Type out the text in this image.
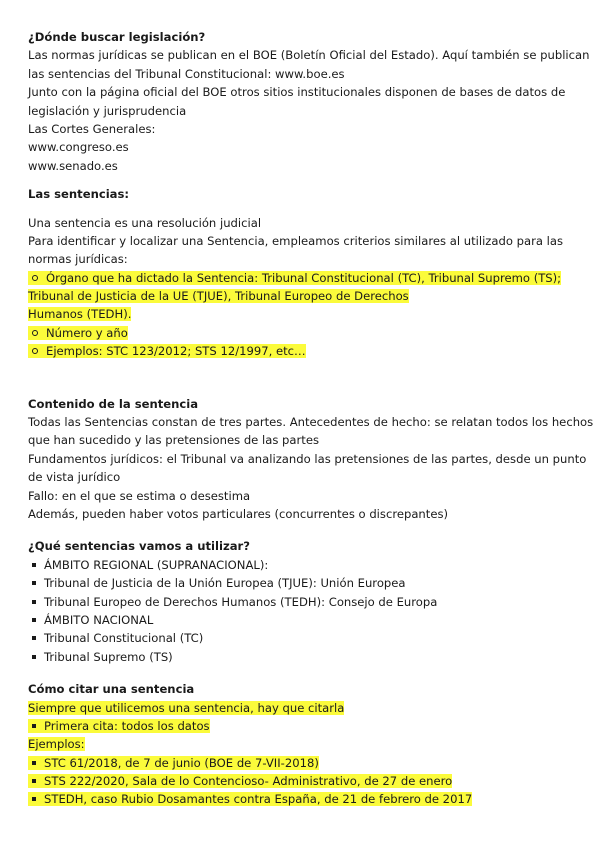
¿Dónde buscar legislación?
Las normas jurídicas se publican en el BOE (Boletín Oficial del Estado). Aquí también se publican
las sentencias del Tribunal Constitucional: www.boe.es
Junto con la página oficial del BOE otros sitios institucionales disponen de bases de datos de
legislación y jurisprudencia
Las Cortes Generales:
www.congreso.es
www.senado.es
Las sentencias:
Una sentencia es una resolución judicial
Para identificar y localizar una Sentencia, empleamos criterios similares al utilizado para las
normas jurídicas:
Órgano que ha dictado la Sentencia: Tribunal Constitucional (TC), Tribunal Supremo (TS);
Tribunal de Justicia de la UE (TJUE), Tribunal Europeo de Derechos
Humanos (TEDH).
Número y año
Ejemplos: STC 123/2012; STS 12/1997, etc…
Contenido de la sentencia
Todas las Sentencias constan de tres partes. Antecedentes de hecho: se relatan todos los hechos
que han sucedido y las pretensiones de las partes
Fundamentos jurídicos: el Tribunal va analizando las pretensiones de las partes, desde un punto
de vista jurídico
Fallo: en el que se estima o desestima
Además, pueden haber votos particulares (concurrentes o discrepantes)
¿Qué sentencias vamos a utilizar?
ÁMBITO REGIONAL (SUPRANACIONAL):
Tribunal de Justicia de la Unión Europea (TJUE): Unión Europea
Tribunal Europeo de Derechos Humanos (TEDH): Consejo de Europa
ÁMBITO NACIONAL
Tribunal Constitucional (TC)
Tribunal Supremo (TS)
Cómo citar una sentencia
Siempre que utilicemos una sentencia, hay que citarla
Primera cita: todos los datos
Ejemplos:
STC 61/2018, de 7 de junio (BOE de 7-VII-2018)
STS 222/2020, Sala de lo Contencioso- Administrativo, de 27 de enero
STEDH, caso Rubio Dosamantes contra España, de 21 de febrero de 2017
